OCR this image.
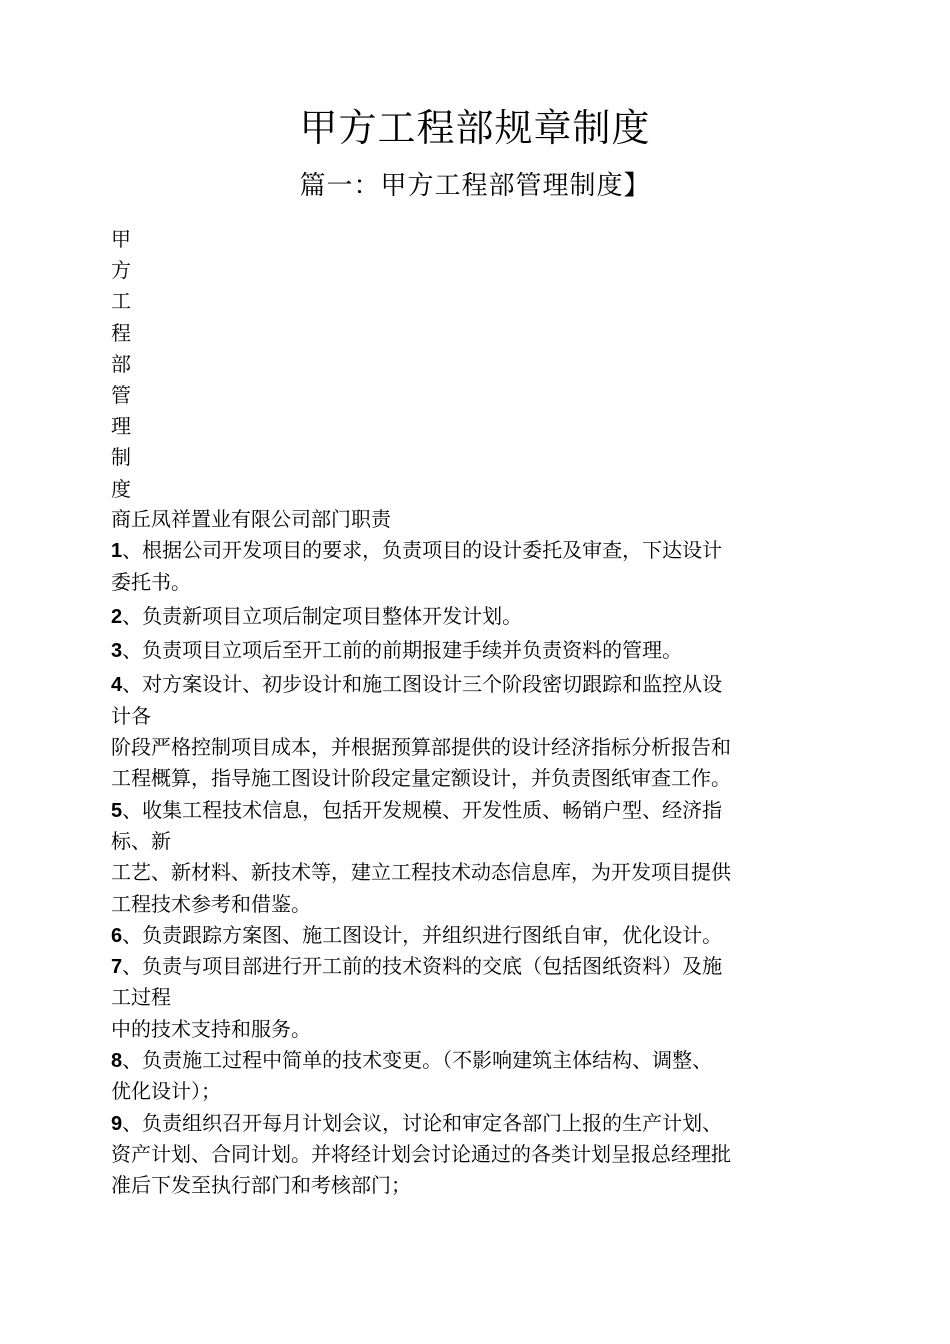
甲方工程部规章制度
篇一：甲方工程部管理制度】
甲
方
工
程
部
管
理
制
度
商丘凤祥置业有限公司部门职责
1、根据公司开发项目的要求，负责项目的设计委托及审查，下达设计
委托书。
2、负责新项目立项后制定项目整体开发计划。
3、负责项目立项后至开工前的前期报建手续并负责资料的管理。
4、对方案设计、初步设计和施工图设计三个阶段密切跟踪和监控从设
计各
阶段严格控制项目成本，并根据预算部提供的设计经济指标分析报告和
工程概算，指导施工图设计阶段定量定额设计，并负责图纸审查工作。
5、收集工程技术信息，包括开发规模、开发性质、畅销户型、经济指
标、新
工艺、新材料、新技术等，建立工程技术动态信息库，为开发项目提供
工程技术参考和借鉴。
6、负责跟踪方案图、施工图设计，并组织进行图纸自审，优化设计。
7、负责与项目部进行开工前的技术资料的交底（包括图纸资料）及施
工过程
中的技术支持和服务。
8、负责施工过程中简单的技术变更。（不影响建筑主体结构、调整、
优化设计）；
9、负责组织召开每月计划会议，讨论和审定各部门上报的生产计划、
资产计划、合同计划。并将经计划会讨论通过的各类计划呈报总经理批
准后下发至执行部门和考核部门；
